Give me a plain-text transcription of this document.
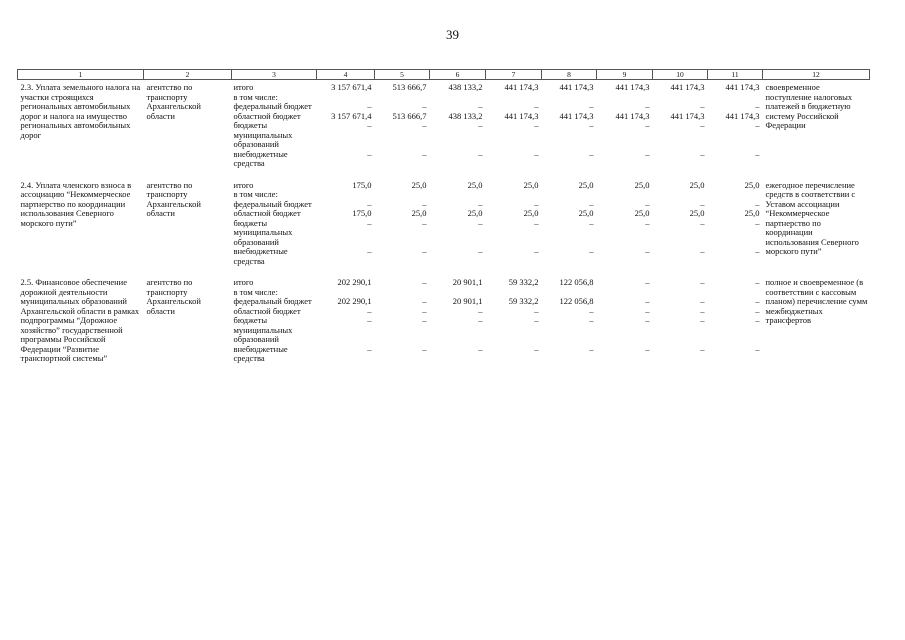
39
1	2	3	4	5	6	7	8	9	10	11	12
2.3. Уплата земельного налога на участки строящихся региональных автомобильных дорог и налога на имущество региональных автомобильных дорог	агентство по транспорту Архангельской области	итого	3 157 671,4	513 666,7	438 133,2	441 174,3	441 174,3	441 174,3	441 174,3	441 174,3	своевременное поступление налоговых платежей в бюджетную систему Российской Федерации
		в том числе:									
		федеральный бюджет	–	–	–	–	–	–	–	–	
		областной бюджет	3 157 671,4	513 666,7	438 133,2	441 174,3	441 174,3	441 174,3	441 174,3	441 174,3	
		бюджеты муниципальных образований	–	–	–	–	–	–	–	–	
		внебюджетные средства	–	–	–	–	–	–	–	–	
2.4. Уплата членского взноса в ассоциацию “Некоммерческое партнерство по координации использования Северного морского пути”	агентство по транспорту Архангельской области	итого	175,0	25,0	25,0	25,0	25,0	25,0	25,0	25,0	ежегодное перечисление средств в соответствии с Уставом ассоциации “Некоммерческое партнерство по координации использования Северного морского пути”
		в том числе:									
		федеральный бюджет	–	–	–	–	–	–	–	–	
		областной бюджет	175,0	25,0	25,0	25,0	25,0	25,0	25,0	25,0	
		бюджеты муниципальных образований	–	–	–	–	–	–	–	–	
		внебюджетные средства	–	–	–	–	–	–	–	–	
2.5. Финансовое обеспечение дорожной деятельности муниципальных образований Архангельской области в рамках подпрограммы “Дорожное хозяйство” государственной программы Российской Федерации “Развитие транспортной системы”	агентство по транспорту Архангельской области	итого	202 290,1	–	20 901,1	59 332,2	122 056,8	–	–	–	полное и своевременное (в соответствии с кассовым планом) перечисление сумм межбюджетных трансфертов
		в том числе:									
		федеральный бюджет	202 290,1	–	20 901,1	59 332,2	122 056,8	–	–	–	
		областной бюджет	–	–	–	–	–	–	–	–	
		бюджеты муниципальных образований	–	–	–	–	–	–	–	–	
		внебюджетные средства	–	–	–	–	–	–	–	–	
